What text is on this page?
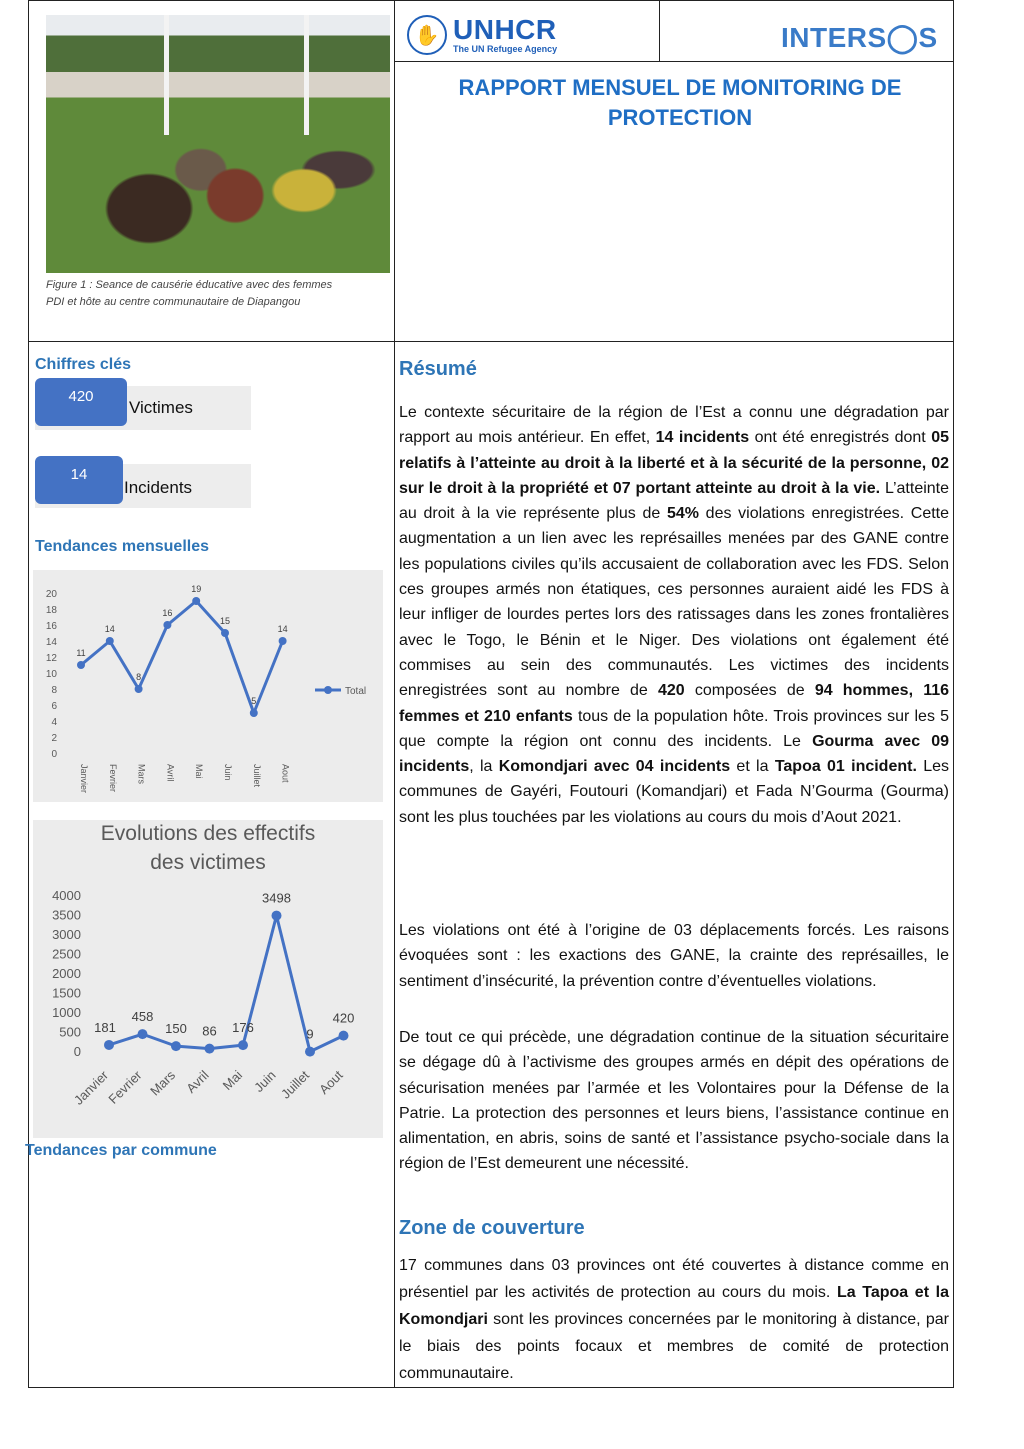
Figure 1 : Seance de causérie éducative avec des femmes PDI et hôte au centre communautaire de Diapangou
✋ UNHCR
The UN Refugee Agency	INTERS◯S
RAPPORT MENSUEL DE MONITORING DE PROTECTION
Chiffres clés
420
Victimes
14
Incidents
Tendances mensuelles
0
2
4
6
8
10
12
14
16
18
20
Janvier Fevrier Mars Avril Mai Juin Juillet Aout
11
14
8
16
19
15
5
14
Total
Evolutions des effectifs
des victimes
0
500
1000
1500
2000
2500
3000
3500
4000
Janvier
Fevrier Mars Avril Mai Juin Juillet Aout
181
458
150 86 176
3498
9
420
Tendances par commune
Résumé
Le contexte sécuritaire de la région de l’Est a connu une dégradation par rapport au mois antérieur. En effet, 14 incidents ont été enregistrés dont 05 relatifs à l’atteinte au droit à la liberté et à la sécurité de la personne, 02 sur le droit à la propriété et 07 portant atteinte au droit à la vie. L’atteinte au droit à la vie représente plus de 54% des violations enregistrées. Cette augmentation a un lien avec les représailles menées par des GANE contre les populations civiles qu’ils accusaient de collaboration avec les FDS. Selon ces groupes armés non étatiques, ces personnes auraient aidé les FDS à leur infliger de lourdes pertes lors des ratissages dans les zones frontalières avec le Togo, le Bénin et le Niger. Des violations ont également été commises au sein des communautés. Les victimes des incidents enregistrées sont au nombre de 420 composées de 94 hommes, 116 femmes et 210 enfants tous de la population hôte. Trois provinces sur les 5 que compte la région ont connu des incidents. Le Gourma avec 09 incidents, la Komondjari avec 04 incidents et la Tapoa 01 incident. Les communes de Gayéri, Foutouri (Komandjari) et Fada N’Gourma (Gourma) sont les plus touchées par les violations au cours du mois d’Aout 2021.
Les violations ont été à l’origine de 03 déplacements forcés. Les raisons évoquées sont : les exactions des GANE, la crainte des représailles, le sentiment d’insécurité, la prévention contre d’éventuelles violations.
De tout ce qui précède, une dégradation continue de la situation sécuritaire se dégage dû à l’activisme des groupes armés en dépit des opérations de sécurisation menées par l’armée et les Volontaires pour la Défense de la Patrie. La protection des personnes et leurs biens, l’assistance continue en alimentation, en abris, soins de santé et l’assistance psycho-sociale dans la région de l’Est demeurent une nécessité.
Zone de couverture
17 communes dans 03 provinces ont été couvertes à distance comme en présentiel par les activités de protection au cours du mois. La Tapoa et la Komondjari sont les provinces concernées par le monitoring à distance, par le biais des points focaux et membres de comité de protection communautaire.
